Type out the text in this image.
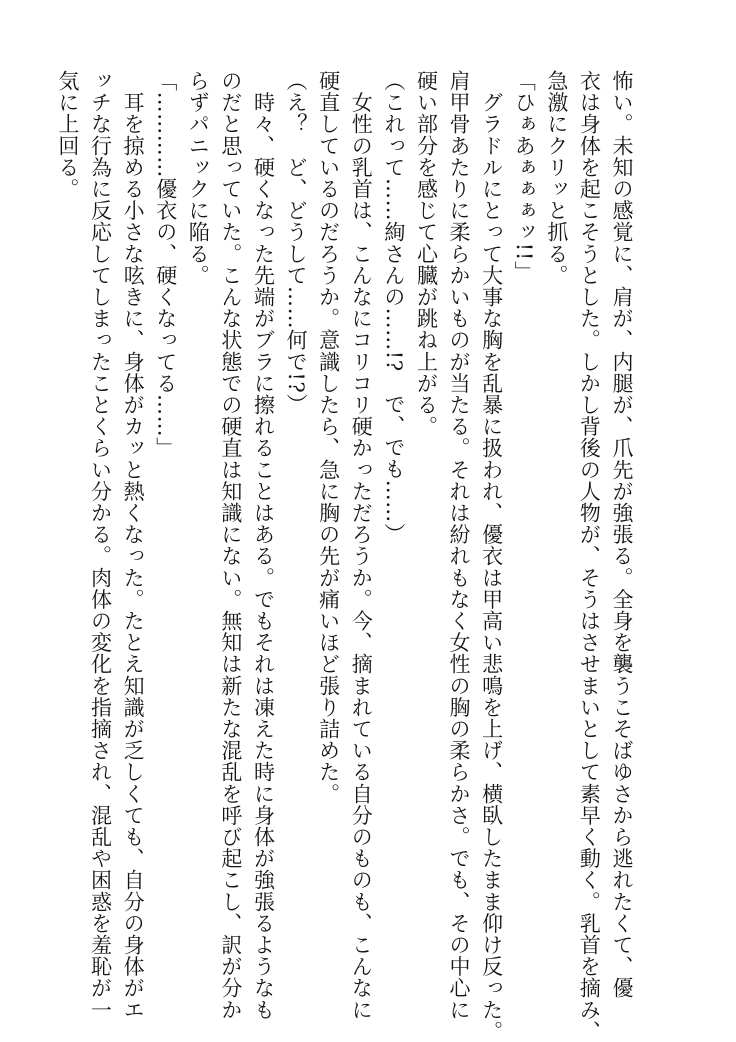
怖い。未知の感覚に、肩が、内腿が、爪先が強張る。全身を襲うこそばゆさから逃れたくて、優
衣は身体を起こそうとした。しかし背後の人物が、そうはさせまいとして素早く動く。乳首を摘み、
急激にクリッと抓る。
「ひぁあぁぁぁッ!!」
　グラドルにとって大事な胸を乱暴に扱われ、優衣は甲高い悲鳴を上げ、横臥したまま仰け反った。
肩甲骨あたりに柔らかいものが当たる。それは紛れもなく女性の胸の柔らかさ。でも、その中心に
硬い部分を感じて心臓が跳ね上がる。
（これって……絢さんの……!?　で、でも……）
　女性の乳首は、こんなにコリコリ硬かっただろうか。今、摘まれている自分のものも、こんなに
硬直しているのだろうか。意識したら、急に胸の先が痛いほど張り詰めた。
（え？　ど、どうして……何で!?）
　時々、硬くなった先端がブラに擦れることはある。でもそれは凍えた時に身体が強張るようなも
のだと思っていた。こんな状態での硬直は知識にない。無知は新たな混乱を呼び起こし、訳が分か
らずパニックに陥る。
「…………優衣の、硬くなってる……」
　耳を掠める小さな呟きに、身体がカッと熱くなった。たとえ知識が乏しくても、自分の身体がエ
ッチな行為に反応してしまったことくらい分かる。肉体の変化を指摘され、混乱や困惑を羞恥が一
気に上回る。
